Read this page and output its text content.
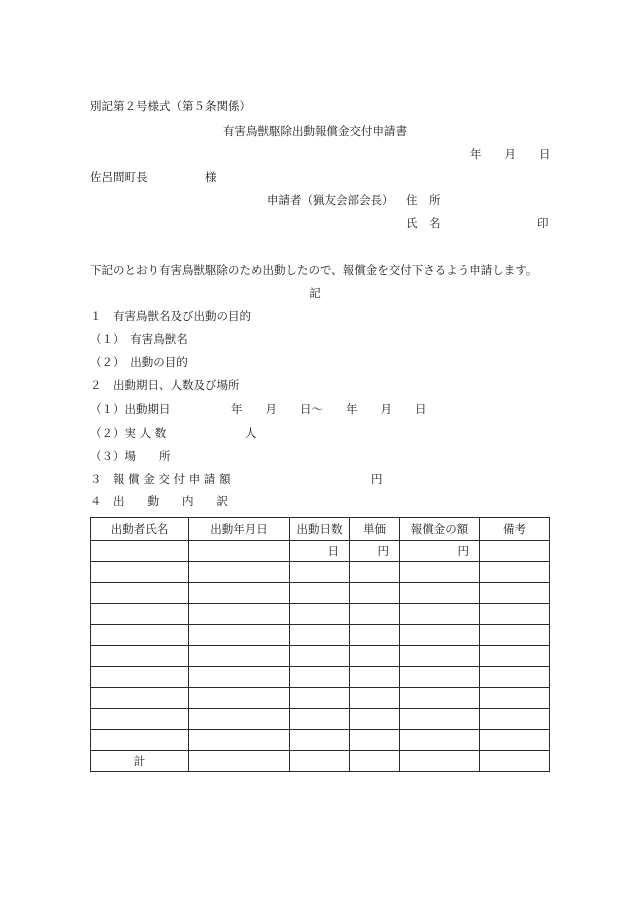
別記第２号様式（第５条関係）
有害鳥獣駆除出動報償金交付申請書
年　　月　　日
佐呂間町長　　　　　様
申請者（猟友会部会長） 住　所
氏　名	印
下記のとおり有害鳥獣駆除のため出動したので、報償金を交付下さるよう申請します。
記
１　有害鳥獣名及び出動の目的
（１）　有害鳥獣名
（２）　出動の目的
２　出動期日、人数及び場所
（１）出動期日	年　　月　　日～　　年　　月　　日
（２）実 人 数	人
（３）場　　所
３　報 償 金 交 付 申 請 額	円
４　出　　動　　内　　訳
出動者氏名	出動年月日	出動日数	単価	報償金の額	備考
		日	円	円	

計					
